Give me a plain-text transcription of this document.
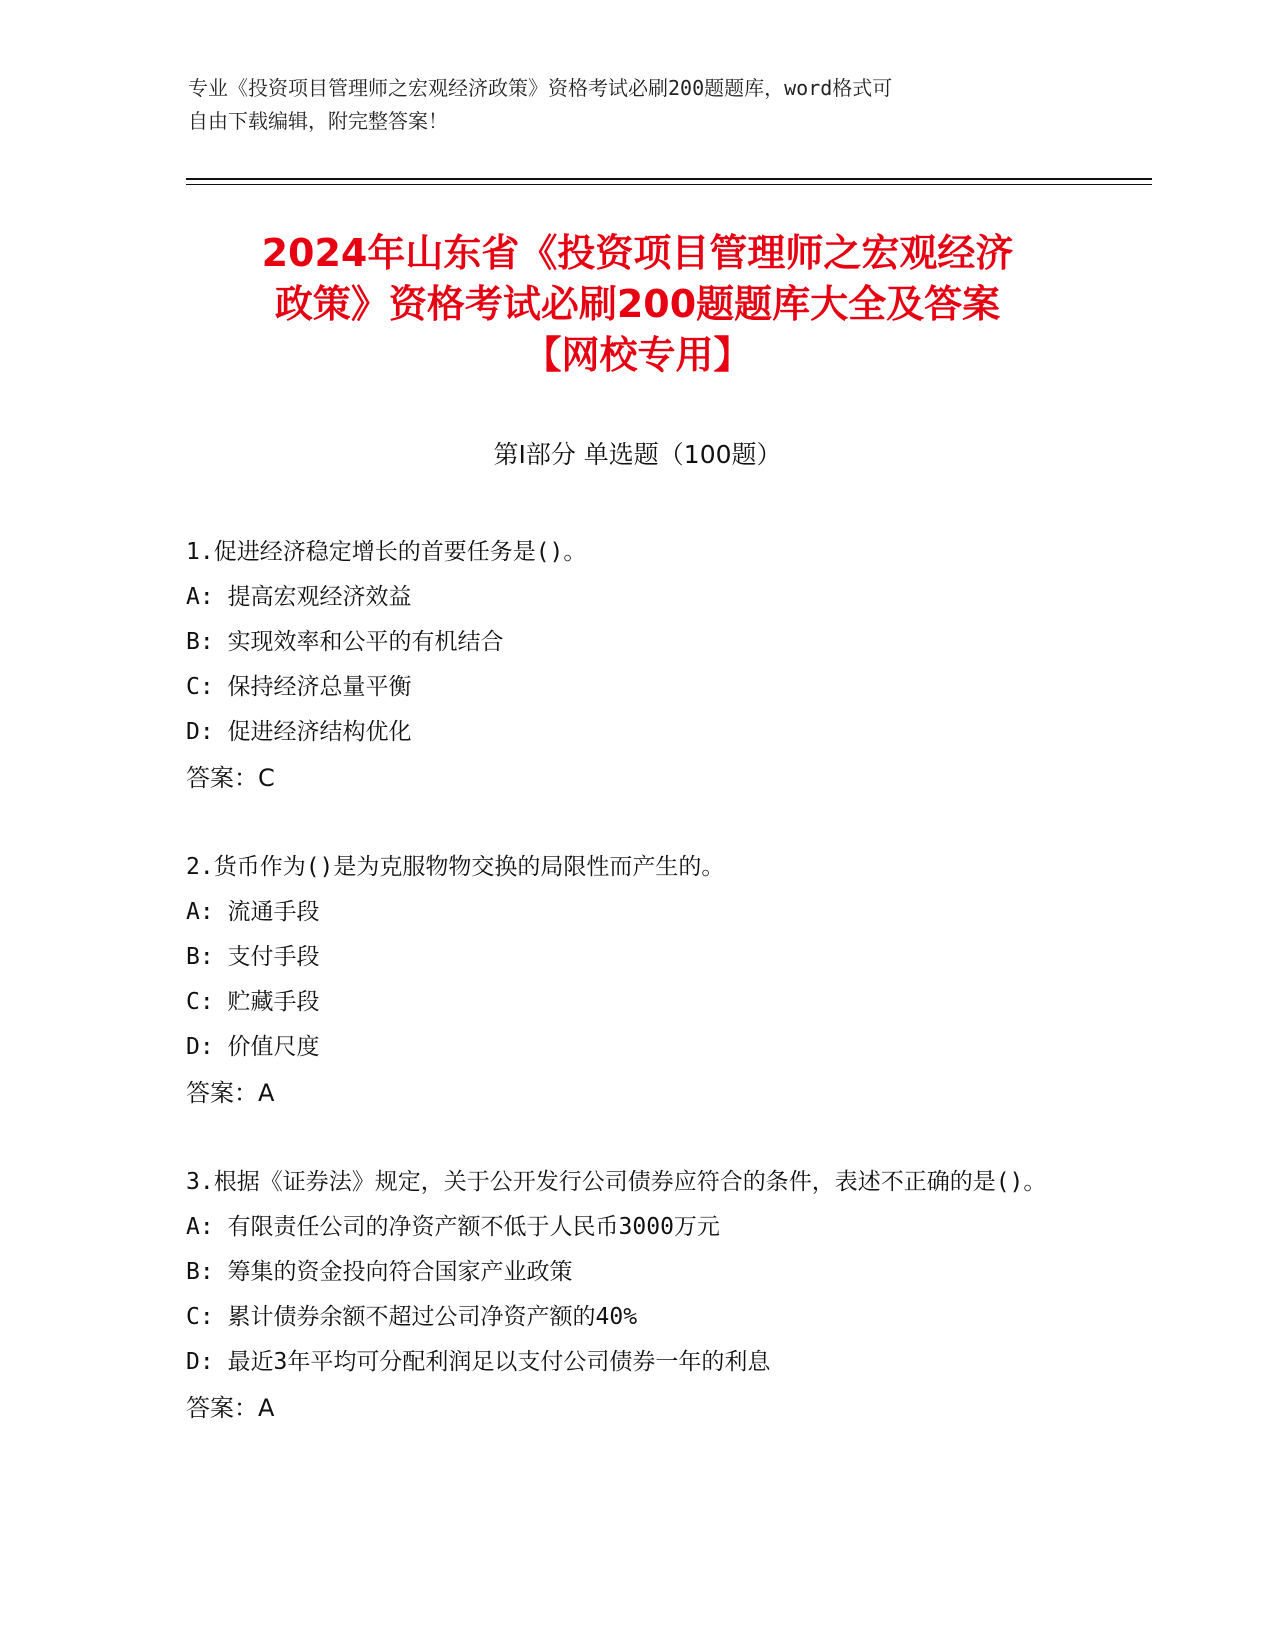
专业《投资项目管理师之宏观经济政策》资格考试必刷200题题库，word格式可
自由下载编辑，附完整答案！
2024年山东省《投资项目管理师之宏观经济
政策》资格考试必刷200题题库大全及答案
【网校专用】
第Ⅰ部分 单选题（100题）
1.促进经济稳定增长的首要任务是()。
A: 提高宏观经济效益
B: 实现效率和公平的有机结合
C: 保持经济总量平衡
D: 促进经济结构优化
答案：C
2.货币作为()是为克服物物交换的局限性而产生的。
A: 流通手段
B: 支付手段
C: 贮藏手段
D: 价值尺度
答案：A
3.根据《证券法》规定，关于公开发行公司债券应符合的条件，表述不正确的是()。
A: 有限责任公司的净资产额不低于人民币3000万元
B: 筹集的资金投向符合国家产业政策
C: 累计债券余额不超过公司净资产额的40%
D: 最近3年平均可分配利润足以支付公司债券一年的利息
答案：A
